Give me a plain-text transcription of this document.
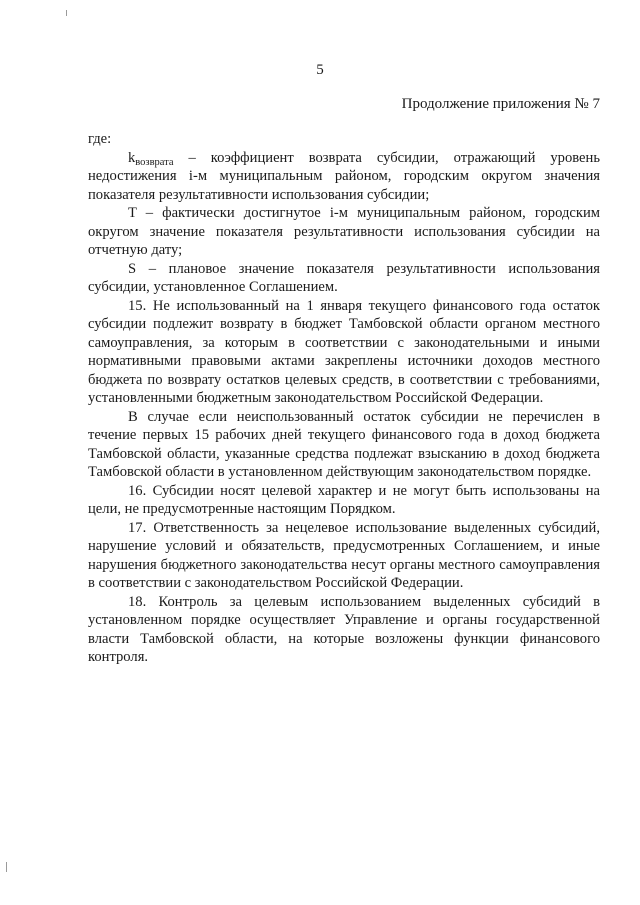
5
Продолжение приложения № 7

где:

$k_{возврата}$ – коэффициент возврата субсидии, отражающий уровень недостижения i-м муниципальным районом, городским округом значения показателя результативности использования субсидии;

T – фактически достигнутое i-м муниципальным районом, городским округом значение показателя результативности использования субсидии на отчетную дату;

S – плановое значение показателя результативности использования субсидии, установленное Соглашением.

15. Не использованный на 1 января текущего финансового года остаток субсидии подлежит возврату в бюджет Тамбовской области органом местного самоуправления, за которым в соответствии с законодательными и иными нормативными правовыми актами закреплены источники доходов местного бюджета по возврату остатков целевых средств, в соответствии с требованиями, установленными бюджетным законодательством Российской Федерации.

В случае если неиспользованный остаток субсидии не перечислен в течение первых 15 рабочих дней текущего финансового года в доход бюджета Тамбовской области, указанные средства подлежат взысканию в доход бюджета Тамбовской области в установленном действующим законодательством порядке.

16. Субсидии носят целевой характер и не могут быть использованы на цели, не предусмотренные настоящим Порядком.

17. Ответственность за нецелевое использование выделенных субсидий, нарушение условий и обязательств, предусмотренных Соглашением, и иные нарушения бюджетного законодательства несут органы местного самоуправления в соответствии с законодательством Российской Федерации.

18. Контроль за целевым использованием выделенных субсидий в установленном порядке осуществляет Управление и органы государственной власти Тамбовской области, на которые возложены функции финансового контроля.
